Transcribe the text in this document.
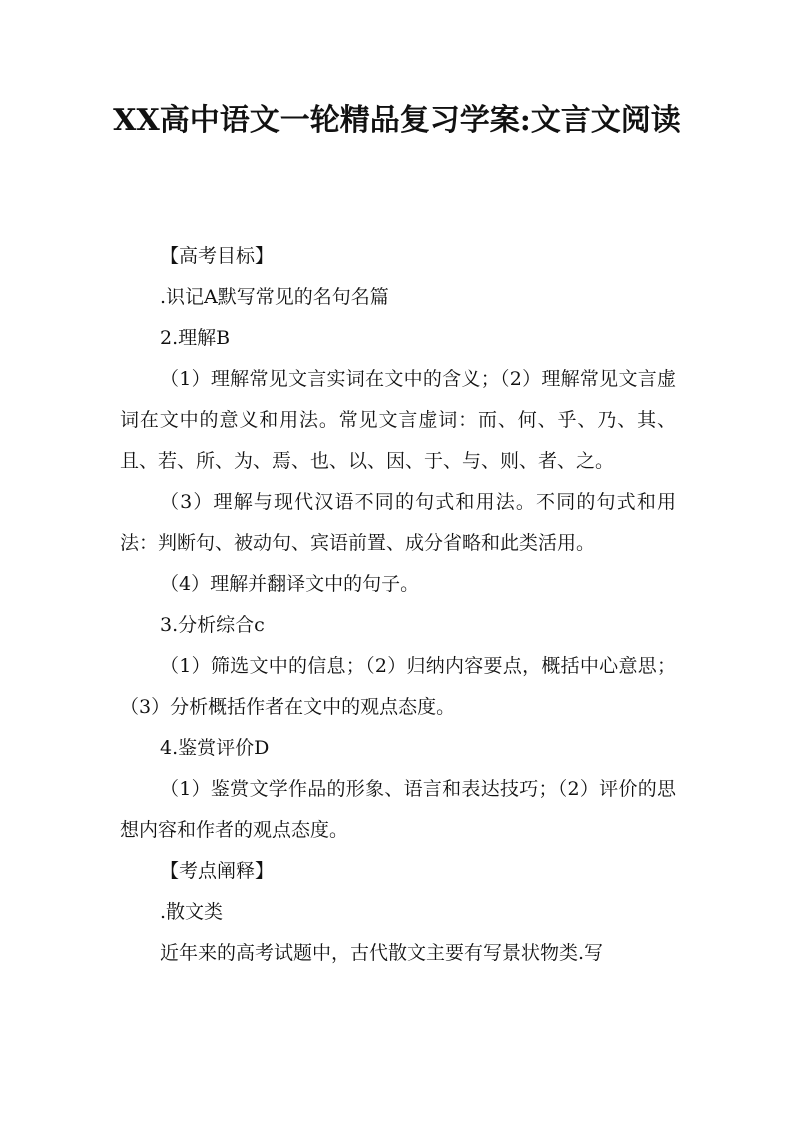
XX高中语文一轮精品复习学案:文言文阅读

【高考目标】

.识记A默写常见的名句名篇

2.理解B

（1）理解常见文言实词在文中的含义；（2）理解常见文言虚词在文中的意义和用法。常见文言虚词：而、何、乎、乃、其、且、若、所、为、焉、也、以、因、于、与、则、者、之。

（3）理解与现代汉语不同的句式和用法。不同的句式和用法：判断句、被动句、宾语前置、成分省略和此类活用。

（4）理解并翻译文中的句子。

3.分析综合c

（1）筛选文中的信息；（2）归纳内容要点，概括中心意思；（3）分析概括作者在文中的观点态度。

4.鉴赏评价D

（1）鉴赏文学作品的形象、语言和表达技巧；（2）评价的思想内容和作者的观点态度。

【考点阐释】

.散文类

近年来的高考试题中，古代散文主要有写景状物类.写
